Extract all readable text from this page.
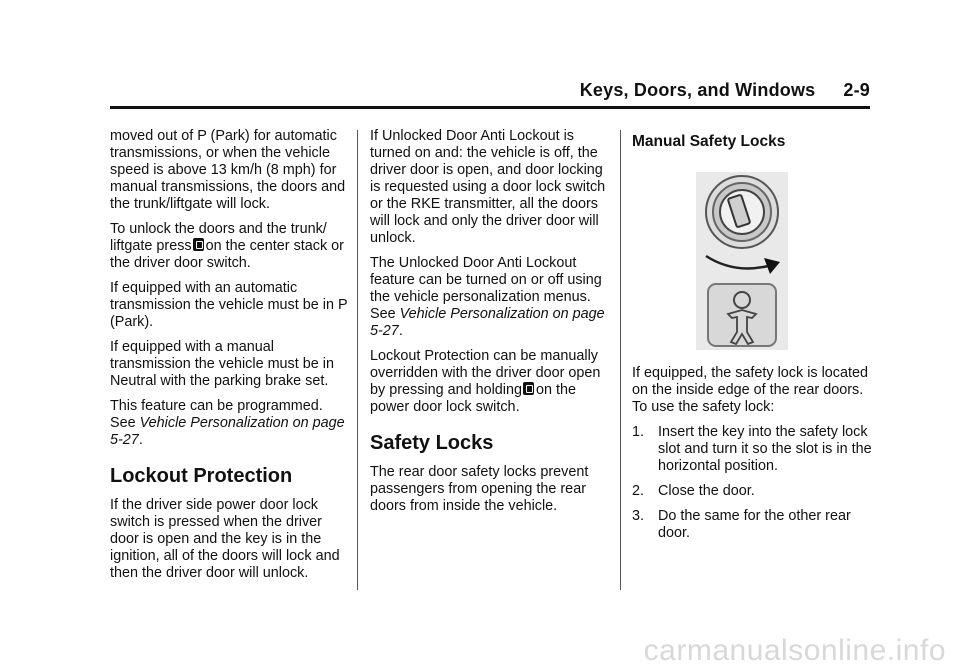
Keys, Doors, and Windows 2-9

moved out of P (Park) for automatic transmissions, or when the vehicle speed is above 13 km/h (8 mph) for manual transmissions, the doors and the trunk/liftgate will lock.

To unlock the doors and the trunk/ liftgate press on the center stack or the driver door switch.

If equipped with an automatic transmission the vehicle must be in P (Park).

If equipped with a manual transmission the vehicle must be in Neutral with the parking brake set.

This feature can be programmed. See Vehicle Personalization on page 5-27.

Lockout Protection

If the driver side power door lock switch is pressed when the driver door is open and the key is in the ignition, all of the doors will lock and then the driver door will unlock.

If Unlocked Door Anti Lockout is turned on and: the vehicle is off, the driver door is open, and door locking is requested using a door lock switch or the RKE transmitter, all the doors will lock and only the driver door will unlock.

The Unlocked Door Anti Lockout feature can be turned on or off using the vehicle personalization menus. See Vehicle Personalization on page 5-27.

Lockout Protection can be manually overridden with the driver door open by pressing and holding on the power door lock switch.

Safety Locks

The rear door safety locks prevent passengers from opening the rear doors from inside the vehicle.

Manual Safety Locks

If equipped, the safety lock is located on the inside edge of the rear doors. To use the safety lock:

1. Insert the key into the safety lock slot and turn it so the slot is in the horizontal position.
2. Close the door.
3. Do the same for the other rear door.
carmanualsonline.info
